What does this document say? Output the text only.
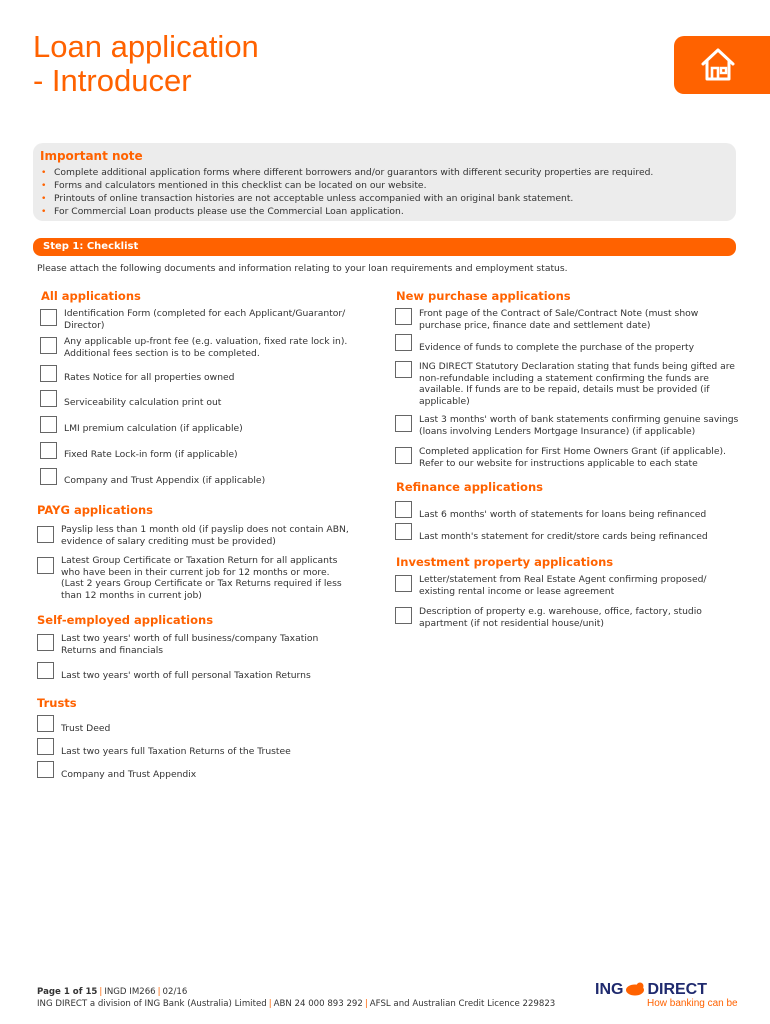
Loan application
- Introducer

Important note

• Complete additional application forms where different borrowers and/or guarantors with different security properties are required.
• Forms and calculators mentioned in this checklist can be located on our website.
• Printouts of online transaction histories are not acceptable unless accompanied with an original bank statement.
• For Commercial Loan products please use the Commercial Loan application.
Step 1: Checklist
Please attach the following documents and information relating to your loan requirements and employment status.

All applications

Identification Form (completed for each Applicant/Guarantor/ Director)
Any applicable up-front fee (e.g. valuation, fixed rate lock in). Additional fees section is to be completed.
Rates Notice for all properties owned
Serviceability calculation print out
LMI premium calculation (if applicable)
Fixed Rate Lock-in form (if applicable)
Company and Trust Appendix (if applicable)

PAYG applications

Payslip less than 1 month old (if payslip does not contain ABN, evidence of salary crediting must be provided)
Latest Group Certificate or Taxation Return for all applicants who have been in their current job for 12 months or more. (Last 2 years Group Certificate or Tax Returns required if less than 12 months in current job)

Self-employed applications

Last two years' worth of full business/company Taxation Returns and financials
Last two years' worth of full personal Taxation Returns

Trusts

Trust Deed
Last two years full Taxation Returns of the Trustee
Company and Trust Appendix

New purchase applications

Front page of the Contract of Sale/Contract Note (must show purchase price, finance date and settlement date)
Evidence of funds to complete the purchase of the property
ING DIRECT Statutory Declaration stating that funds being gifted are non-refundable including a statement confirming the funds are available. If funds are to be repaid, details must be provided (if applicable)
Last 3 months' worth of bank statements confirming genuine savings (loans involving Lenders Mortgage Insurance) (if applicable)
Completed application for First Home Owners Grant (if applicable). Refer to our website for instructions applicable to each state

Refinance applications

Last 6 months' worth of statements for loans being refinanced
Last month's statement for credit/store cards being refinanced

Investment property applications

Letter/statement from Real Estate Agent confirming proposed/ existing rental income or lease agreement
Description of property e.g. warehouse, office, factory, studio apartment (if not residential house/unit)
Page 1 of 15 | INGD IM266 | 02/16
ING DIRECT a division of ING Bank (Australia) Limited | ABN 24 000 893 292 | AFSL and Australian Credit Licence 229823
ING DIRECT
How banking can be
